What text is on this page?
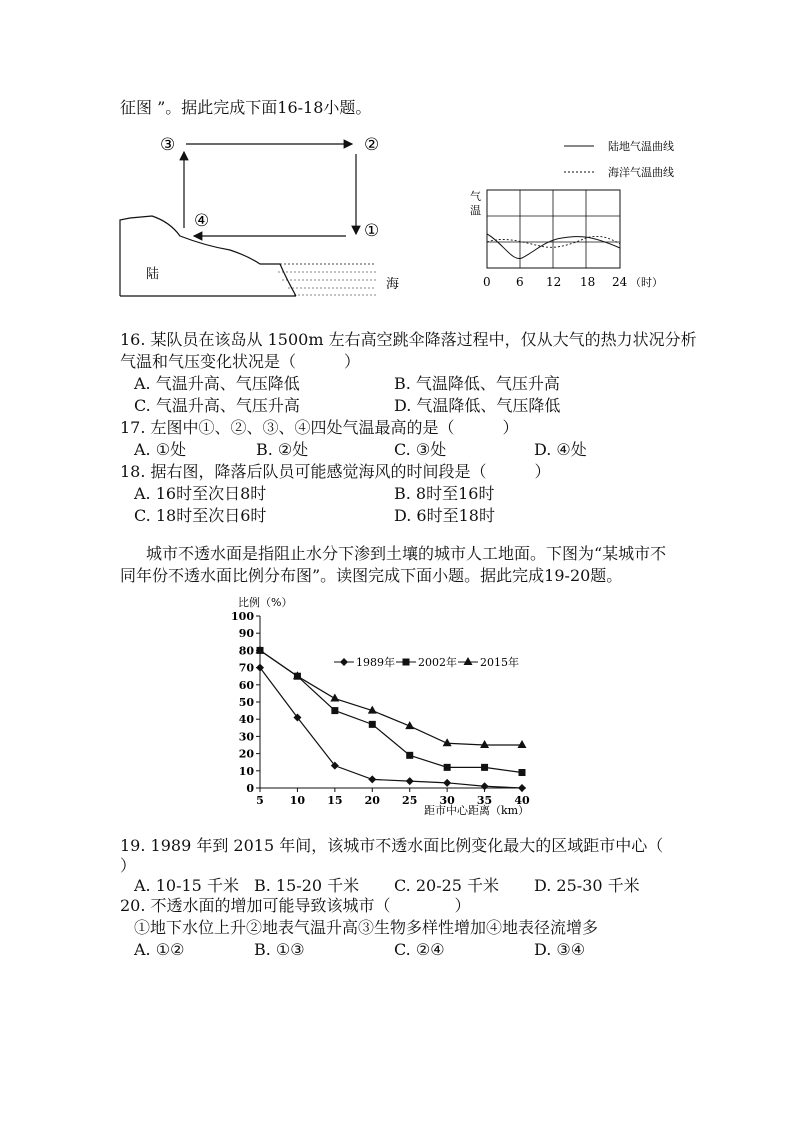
征图 ”。据此完成下面16-18小题。
③	②
④	①
陆
海
陆地气温曲线
海洋气温曲线
气
温
0 6 12 18 24 （时）
16. 某队员在该岛从 1500m 左右高空跳伞降落过程中，仅从大气的热力状况分析
气温和气压变化状况是（　　　）
A. 气温升高、气压降低	B. 气温降低、气压升高
C. 气温升高、气压升高	D. 气温降低、气压降低
17. 左图中①、②、③、④四处气温最高的是（　　　）
A. ①处	B. ②处	C. ③处	D. ④处
18. 据右图，降落后队员可能感觉海风的时间段是（　　　）
A. 16时至次日8时	B. 8时至16时
C. 18时至次日6时	D. 6时至18时
城市不透水面是指阻止水分下渗到土壤的城市人工地面。下图为“某城市不
同年份不透水面比例分布图”。读图完成下面小题。据此完成19-20题。
比例（%）
0
10
20
30
40
50
60
70
80
90
100
5 10 15 20 25 30 35 40
1989年 2002年 2015年
距市中心距离（km）
19. 1989 年到 2015 年间，该城市不透水面比例变化最大的区域距市中心（
）
A. 10-15 千米 B. 15-20 千米 C. 20-25 千米 D. 25-30 千米
20. 不透水面的增加可能导致该城市（　　　　）
①地下水位上升②地表气温升高③生物多样性增加④地表径流增多
A. ①②	B. ①③	C. ②④	D. ③④
